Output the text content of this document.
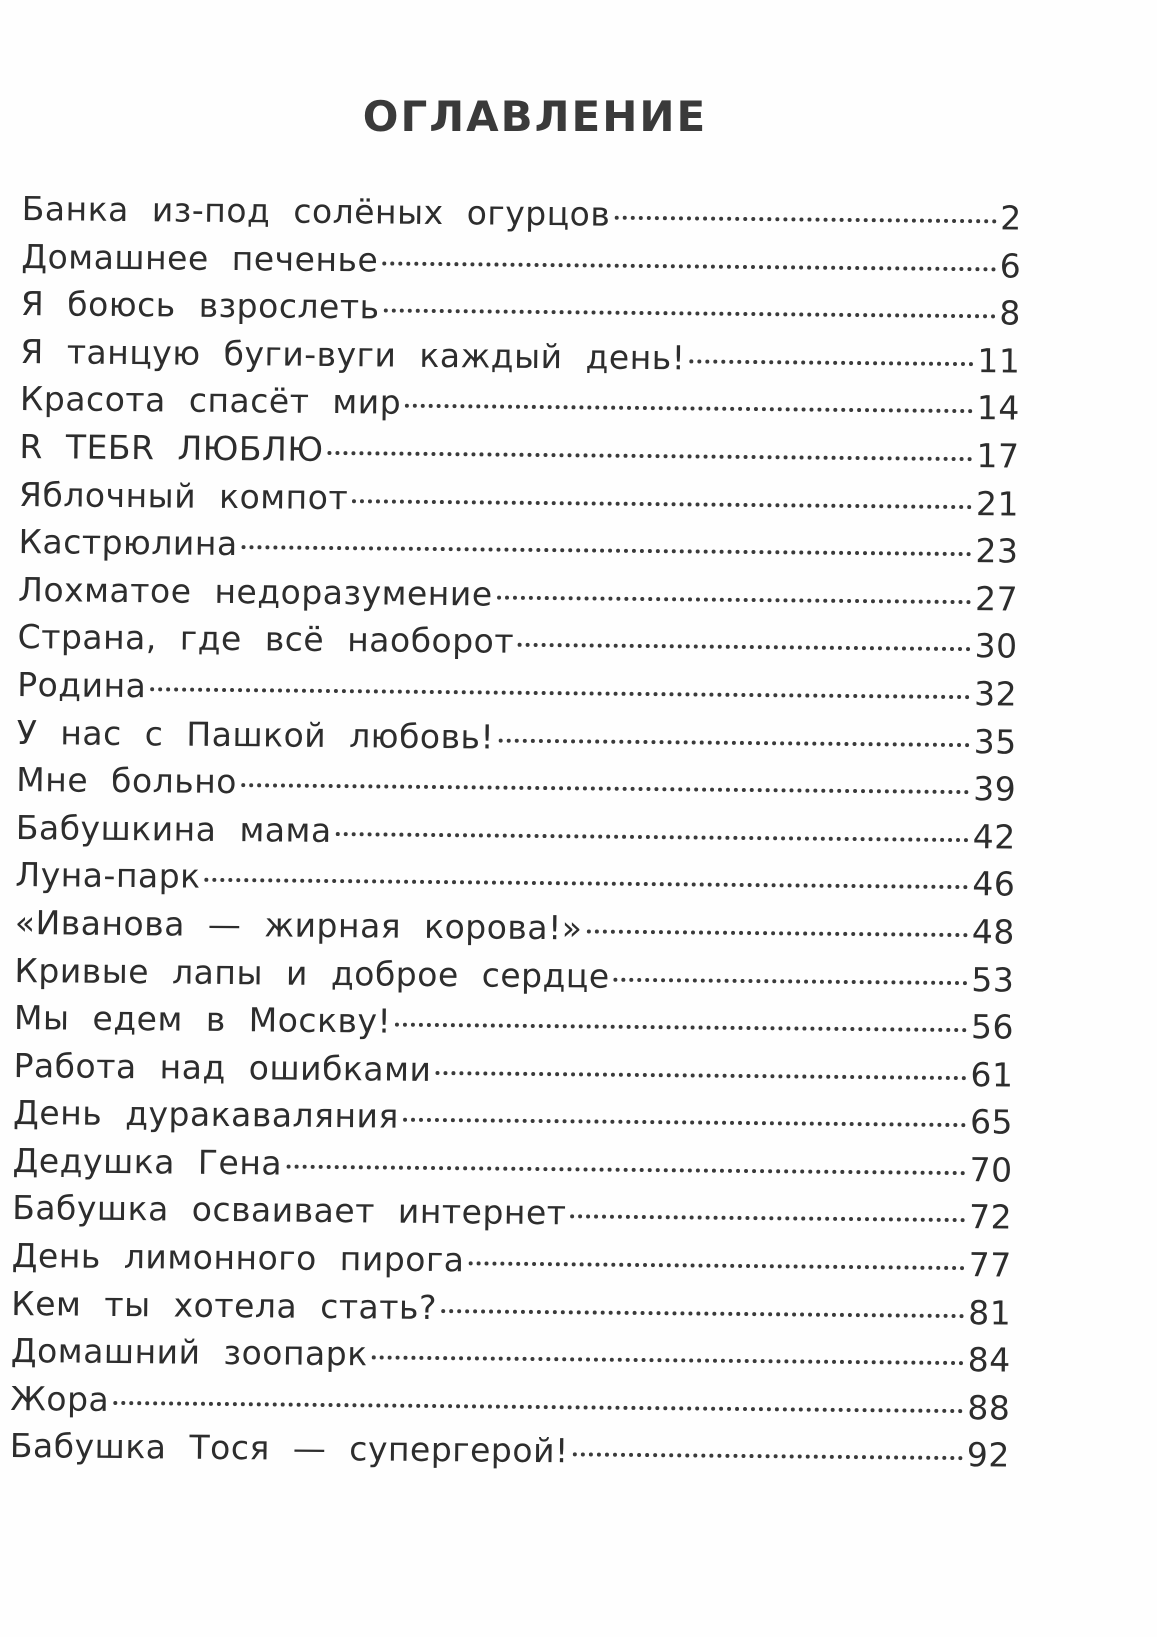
ОГЛАВЛЕНИЕ
Банка из-под солёных огурцов	2
Домашнее печенье	6
Я боюсь взрослеть	8
Я танцую буги-вуги каждый день!	11
Красота спасёт мир	14
R ТЕБR ЛЮБЛЮ	17
Яблочный компот	21
Кастрюлина	23
Лохматое недоразумение	27
Страна, где всё наоборот	30
Родина	32
У нас с Пашкой любовь!	35
Мне больно	39
Бабушкина мама	42
Луна-парк	46
«Иванова — жирная корова!»	48
Кривые лапы и доброе сердце	53
Мы едем в Москву!	56
Работа над ошибками	61
День дуракаваляния	65
Дедушка Гена	70
Бабушка осваивает интернет	72
День лимонного пирога	77
Кем ты хотела стать?	81
Домашний зоопарк	84
Жора	88
Бабушка Тося — супергерой!	92
